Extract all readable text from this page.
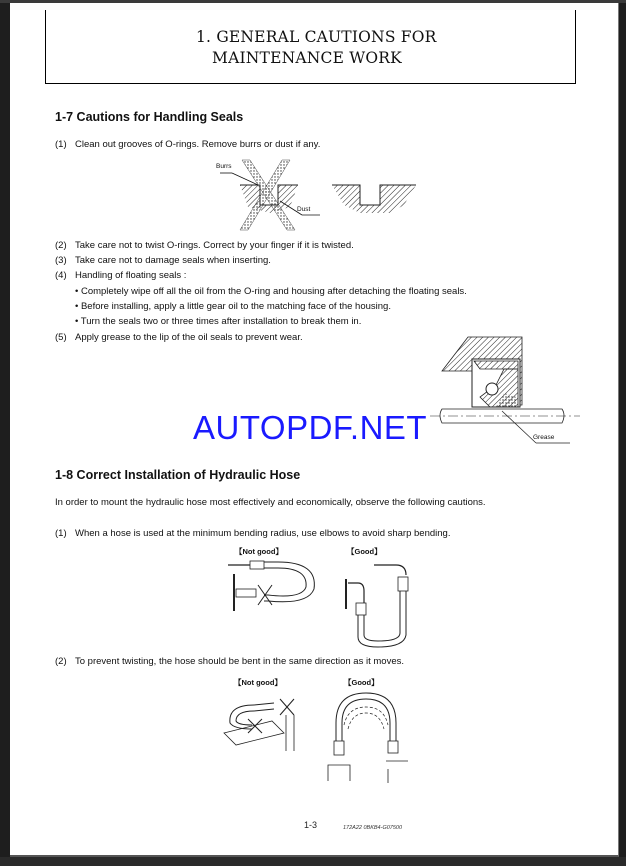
1. GENERAL CAUTIONS FOR
MAINTENANCE WORK
1-7 Cautions for Handling Seals
(1) Clean out grooves of O-rings. Remove burrs or dust if any.
Burrs
Dust
(2) Take care not to twist O-rings. Correct by your finger if it is twisted.
(3) Take care not to damage seals when inserting.
(4) Handling of floating seals :
• Completely wipe off all the oil from the O-ring and housing after detaching the floating seals.
• Before installing, apply a little gear oil to the matching face of the housing.
• Turn the seals two or three times after installation to break them in.
(5) Apply grease to the lip of the oil seals to prevent wear.
Grease
AUTOPDF.NET
1-8 Correct Installation of Hydraulic Hose
In order to mount the hydraulic hose most effectively and economically, observe the following cautions.
(1) When a hose is used at the minimum bending radius, use elbows to avoid sharp bending.
【Not good】	【Good】
(2) To prevent twisting, the hose should be bent in the same direction as it moves.
【Not good】	【Good】
1-3	172A22 0BKB4-G07500
